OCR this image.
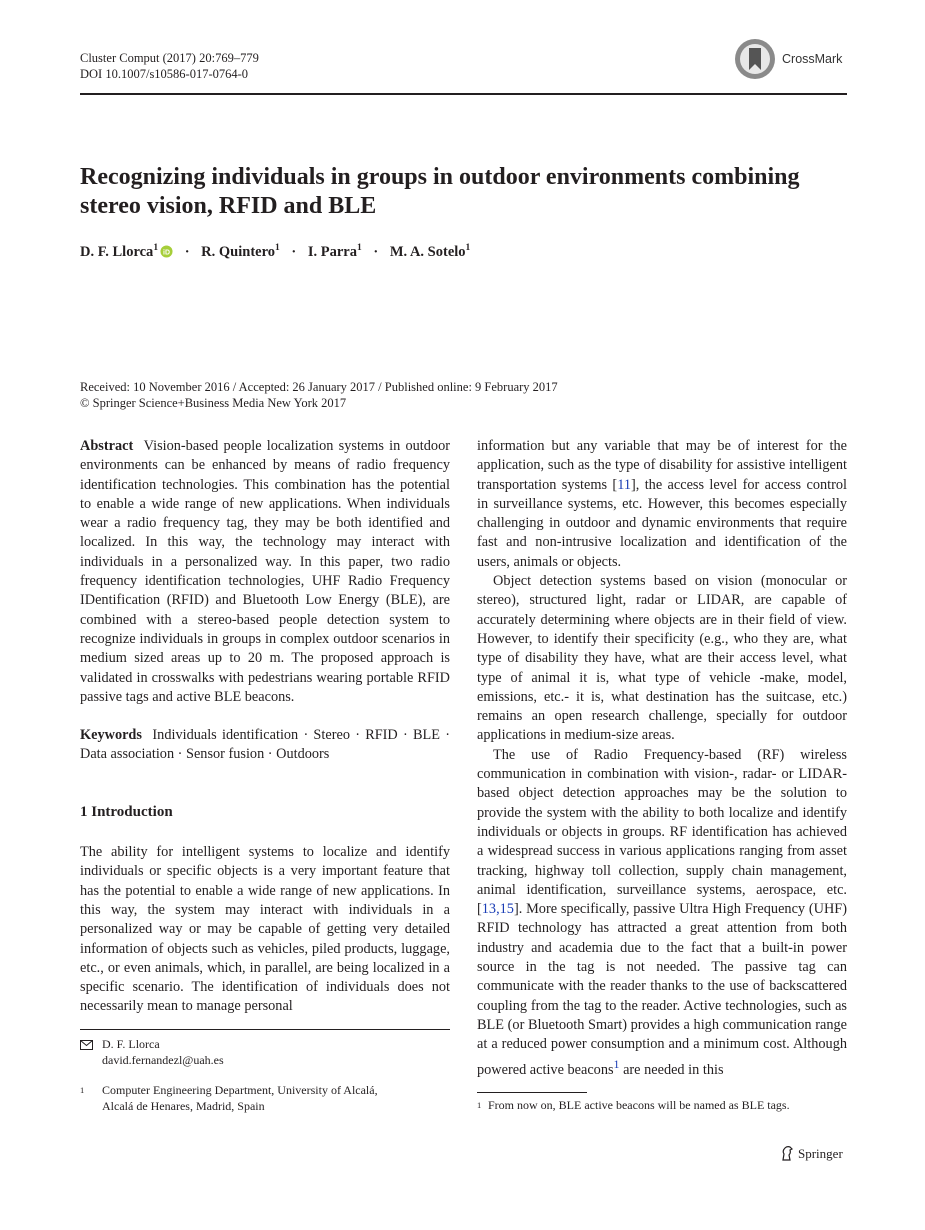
Cluster Comput (2017) 20:769–779
DOI 10.1007/s10586-017-0764-0
CrossMark
Recognizing individuals in groups in outdoor environments combining stereo vision, RFID and BLE
D. F. Llorca$^1$ iD · R. Quintero$^1$ · I. Parra$^1$ · M. A. Sotelo$^1$
Received: 10 November 2016 / Accepted: 26 January 2017 / Published online: 9 February 2017
© Springer Science+Business Media New York 2017

Abstract Vision-based people localization systems in outdoor environments can be enhanced by means of radio frequency identification technologies. This combination has the potential to enable a wide range of new applications. When individuals wear a radio frequency tag, they may be both identified and localized. In this way, the technology may interact with individuals in a personalized way. In this paper, two radio frequency identification technologies, UHF Radio Frequency IDentification (RFID) and Bluetooth Low Energy (BLE), are combined with a stereo-based people detection system to recognize individuals in groups in complex outdoor scenarios in medium sized areas up to 20 m. The proposed approach is validated in crosswalks with pedestrians wearing portable RFID passive tags and active BLE beacons.

Keywords Individuals identification · Stereo · RFID · BLE · Data association · Sensor fusion · Outdoors

1 Introduction

The ability for intelligent systems to localize and identify individuals or specific objects is a very important feature that has the potential to enable a wide range of new applications. In this way, the system may interact with individuals in a personalized way or may be capable of getting very detailed information of objects such as vehicles, piled products, luggage, etc., or even animals, which, in parallel, are being localized in a specific scenario. The identification of individuals does not necessarily mean to manage personal

information but any variable that may be of interest for the application, such as the type of disability for assistive intelligent transportation systems [11], the access level for access control in surveillance systems, etc. However, this becomes especially challenging in outdoor and dynamic environments that require fast and non-intrusive localization and identification of the users, animals or objects.

Object detection systems based on vision (monocular or stereo), structured light, radar or LIDAR, are capable of accurately determining where objects are in their field of view. However, to identify their specificity (e.g., who they are, what type of disability they have, what are their access level, what type of animal it is, what type of vehicle -make, model, emissions, etc.- it is, what destination has the suitcase, etc.) remains an open research challenge, specially for outdoor applications in medium-size areas.

The use of Radio Frequency-based (RF) wireless communication in combination with vision-, radar- or LIDAR-based object detection approaches may be the solution to provide the system with the ability to both localize and identify individuals or objects in groups. RF identification has achieved a widespread success in various applications ranging from asset tracking, highway toll collection, supply chain management, animal identification, surveillance systems, aerospace, etc. [13,15]. More specifically, passive Ultra High Frequency (UHF) RFID technology has attracted a great attention from both industry and academia due to the fact that a built-in power source in the tag is not needed. The passive tag can communicate with the reader thanks to the use of backscattered coupling from the tag to the reader. Active technologies, such as BLE (or Bluetooth Smart) provides a high communication range at a reduced power consumption and a minimum cost. Although powered active beacons$^1$ are needed in this

D. F. Llorca
david.fernandezl@uah.es
1 Computer Engineering Department, University of Alcalá,
Alcalá de Henares, Madrid, Spain	1 From now on, BLE active beacons will be named as BLE tags.
Springer
